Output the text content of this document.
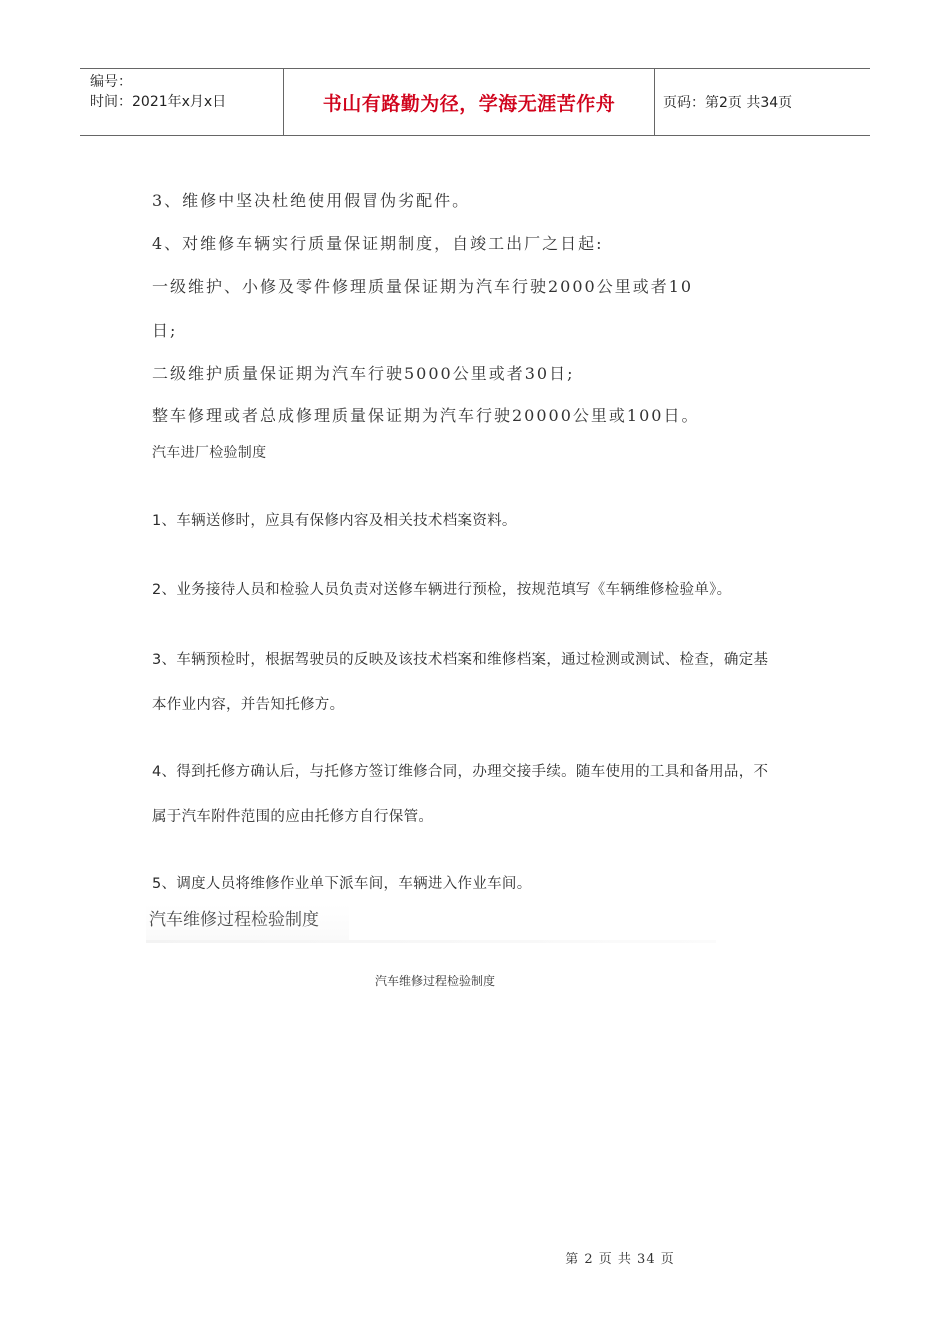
编号：
时间：2021年x月x日	书山有路勤为径，学海无涯苦作舟	页码：第2页 共34页
3、维修中坚决杜绝使用假冒伪劣配件。
4、对维修车辆实行质量保证期制度，自竣工出厂之日起:
一级维护、小修及零件修理质量保证期为汽车行驶2000公里或者10
日;
二级维护质量保证期为汽车行驶5000公里或者30日;
整车修理或者总成修理质量保证期为汽车行驶20000公里或100日。
汽车进厂检验制度
1、车辆送修时，应具有保修内容及相关技术档案资料。
2、业务接待人员和检验人员负责对送修车辆进行预检，按规范填写《车辆维修检验单》。
3、车辆预检时，根据驾驶员的反映及该技术档案和维修档案，通过检测或测试、检查，确定基
本作业内容，并告知托修方。
4、得到托修方确认后，与托修方签订维修合同，办理交接手续。随车使用的工具和备用品，不
属于汽车附件范围的应由托修方自行保管。
5、调度人员将维修作业单下派车间，车辆进入作业车间。
汽车维修过程检验制度
汽车维修过程检验制度
第 2 页 共 34 页
